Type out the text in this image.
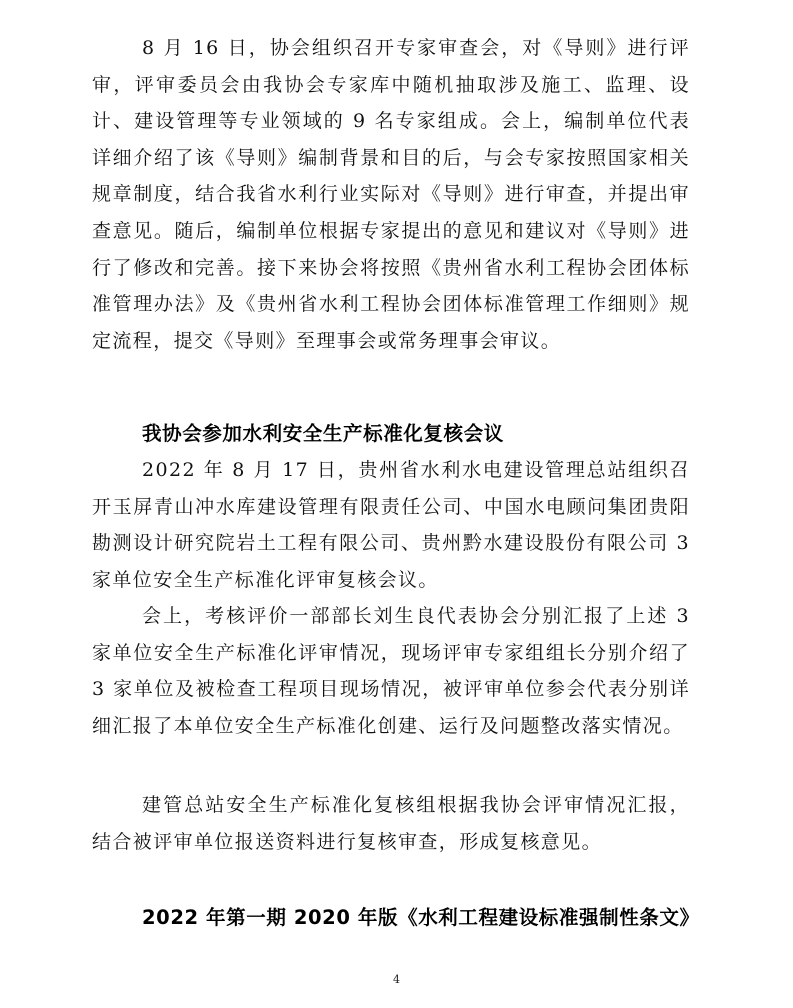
8 月 16 日，协会组织召开专家审查会，对《导则》进行评审，评审委员会由我协会专家库中随机抽取涉及施工、监理、设计、建设管理等专业领域的 9 名专家组成。会上，编制单位代表详细介绍了该《导则》编制背景和目的后，与会专家按照国家相关规章制度，结合我省水利行业实际对《导则》进行审查，并提出审查意见。随后，编制单位根据专家提出的意见和建议对《导则》进行了修改和完善。接下来协会将按照《贵州省水利工程协会团体标准管理办法》及《贵州省水利工程协会团体标准管理工作细则》规定流程，提交《导则》至理事会或常务理事会审议。

我协会参加水利安全生产标准化复核会议

2022 年 8 月 17 日，贵州省水利水电建设管理总站组织召开玉屏青山冲水库建设管理有限责任公司、中国水电顾问集团贵阳勘测设计研究院岩土工程有限公司、贵州黔水建设股份有限公司 3 家单位安全生产标准化评审复核会议。

会上，考核评价一部部长刘生良代表协会分别汇报了上述 3 家单位安全生产标准化评审情况，现场评审专家组组长分别介绍了 3 家单位及被检查工程项目现场情况，被评审单位参会代表分别详细汇报了本单位安全生产标准化创建、运行及问题整改落实情况。

建管总站安全生产标准化复核组根据我协会评审情况汇报，结合被评审单位报送资料进行复核审查，形成复核意见。

2022 年第一期 2020 年版《水利工程建设标准强制性条文》
4
